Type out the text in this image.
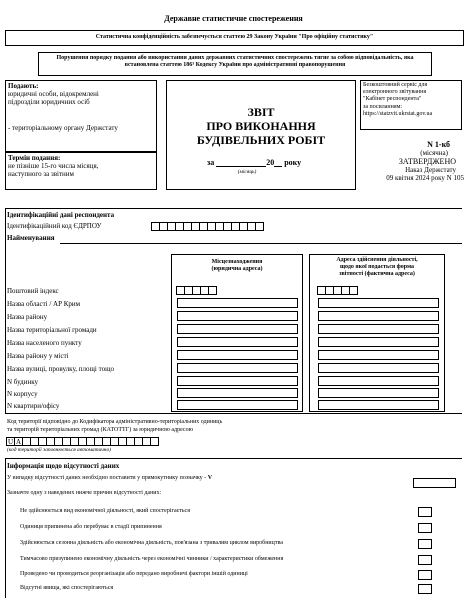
Державне статистичне спостереження
Статистична конфіденційність забезпечується статтею 29 Закону України "Про офіційну статистику"
Порушення порядку подання або використання даних державних статистичних спостережень тягне за собою відповідальність, яка встановлена статтею 186³ Кодексу України про адміністративні правопорушення
Подають:
юридичні особи, відокремлені
підрозділи юридичних осіб
- територіальному органу Держстату
Термін подання:
не пізніше 15-го числа місяця,
наступного за звітним
ЗВІТ
ПРО ВИКОНАННЯ
БУДІВЕЛЬНИХ РОБІТ
за	20 року
(місяць)
Безкоштовний сервіс для
електронного звітування
"Кабінет респондента"
за посиланням:
https://statzvit.ukrstat.gov.ua
N 1-кб
(місячна)
ЗАТВЕРДЖЕНО
Наказ Держстату
09 квітня 2024 року N 105
Ідентифікаційні дані респондента
Ідентифікаційний код ЄДРПОУ
Найменування
Місцезнаходження
(юридична адреса)
Адреса здійснення діяльності,
щодо якої подається форма
звітності (фактична адреса)
Поштовий індекс
Назва області / АР Крим
Назва району
Назва територіальної громади
Назва населеного пункту
Назва району у місті
Назва вулиці, провулку, площі тощо
N будинку
N корпусу
N квартири/офісу
Код території відповідно до Кодифікатора адміністративно-територіальних одиниць
та територій територіальних громад (КАТОТТГ) за юридичною адресою
U A
(код території заповнюється автоматично)
Інформація щодо відсутності даних
У випадку відсутності даних необхідно поставити у прямокутнику позначку - V
Зазначте одну з наведених нижче причин відсутності даних:
Не здійснюється вид економічної діяльності, який спостерігається
Одиниця припинена або перебуває в стадії припинення
Здійснюється сезонна діяльність або економічна діяльність, пов'язана з тривалим циклом виробництва
Тимчасово призупинено економічну діяльність через економічні чинники / характеристики обмеження
Проведено чи проводиться реорганізація або передано виробничі фактори іншій одиниці
Відсутні явища, які спостерігаються
